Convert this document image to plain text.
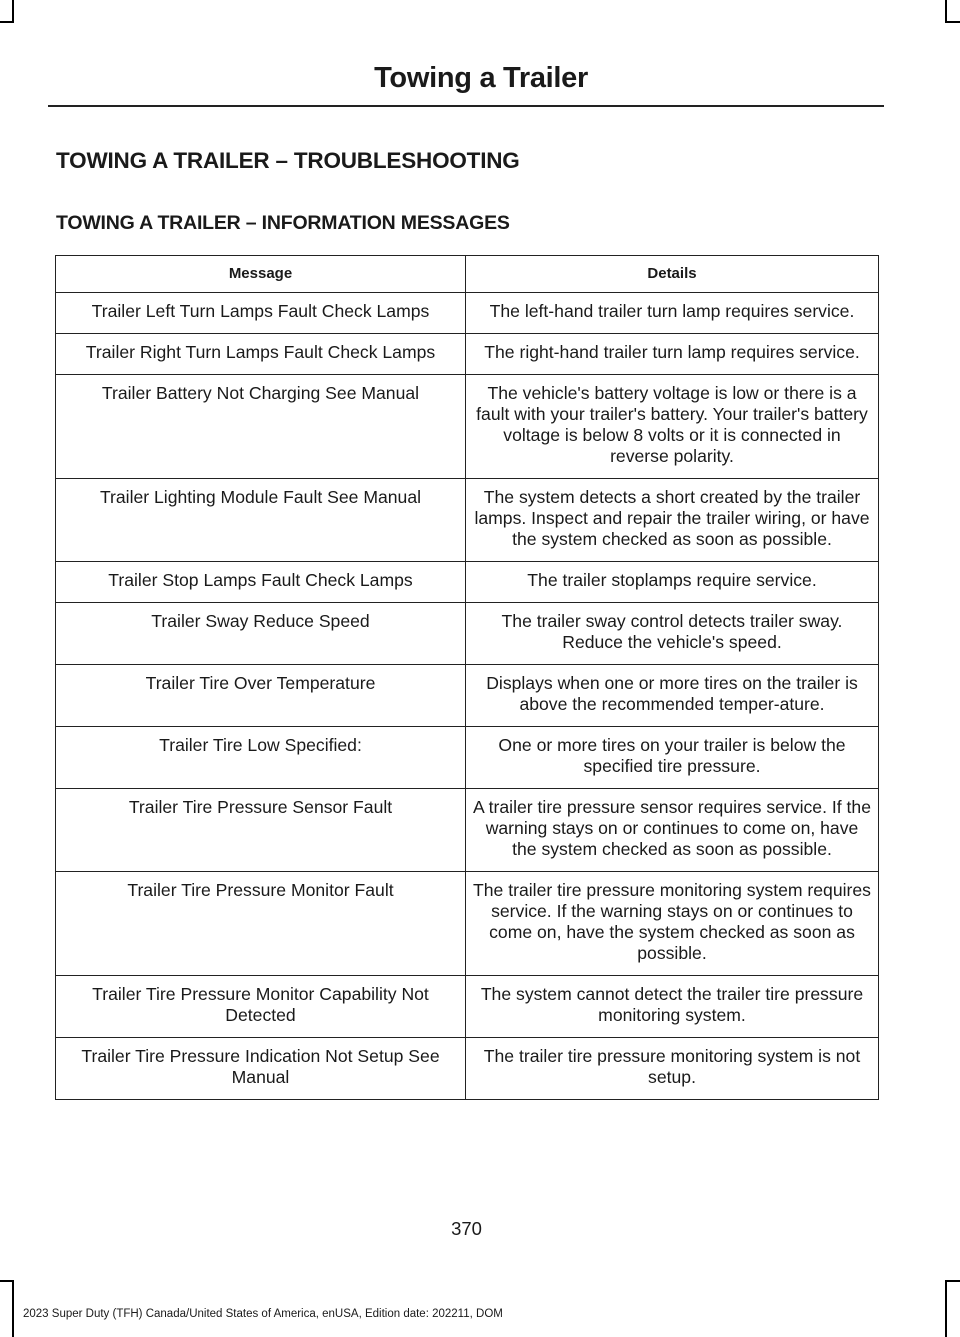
Towing a Trailer
TOWING A TRAILER – TROUBLESHOOTING
TOWING A TRAILER – INFORMATION MESSAGES
Message	Details
Trailer Left Turn Lamps Fault Check Lamps	The left-hand trailer turn lamp requires service.
Trailer Right Turn Lamps Fault Check Lamps	The right-hand trailer turn lamp requires service.
Trailer Battery Not Charging See Manual	The vehicle's battery voltage is low or there is a fault with your trailer's battery. Your trailer's battery voltage is below 8 volts or it is connected in reverse polarity.
Trailer Lighting Module Fault See Manual	The system detects a short created by the trailer lamps. Inspect and repair the trailer wiring, or have the system checked as soon as possible.
Trailer Stop Lamps Fault Check Lamps	The trailer stoplamps require service.
Trailer Sway Reduce Speed	The trailer sway control detects trailer sway. Reduce the vehicle's speed.
Trailer Tire Over Temperature	Displays when one or more tires on the trailer is above the recommended temper-ature.
Trailer Tire Low Specified:	One or more tires on your trailer is below the specified tire pressure.
Trailer Tire Pressure Sensor Fault	A trailer tire pressure sensor requires service. If the warning stays on or continues to come on, have the system checked as soon as possible.
Trailer Tire Pressure Monitor Fault	The trailer tire pressure monitoring system requires service. If the warning stays on or continues to come on, have the system checked as soon as possible.
Trailer Tire Pressure Monitor Capability Not Detected	The system cannot detect the trailer tire pressure monitoring system.
Trailer Tire Pressure Indication Not Setup See Manual	The trailer tire pressure monitoring system is not setup.
370
2023 Super Duty (TFH) Canada/United States of America, enUSA, Edition date: 202211, DOM
